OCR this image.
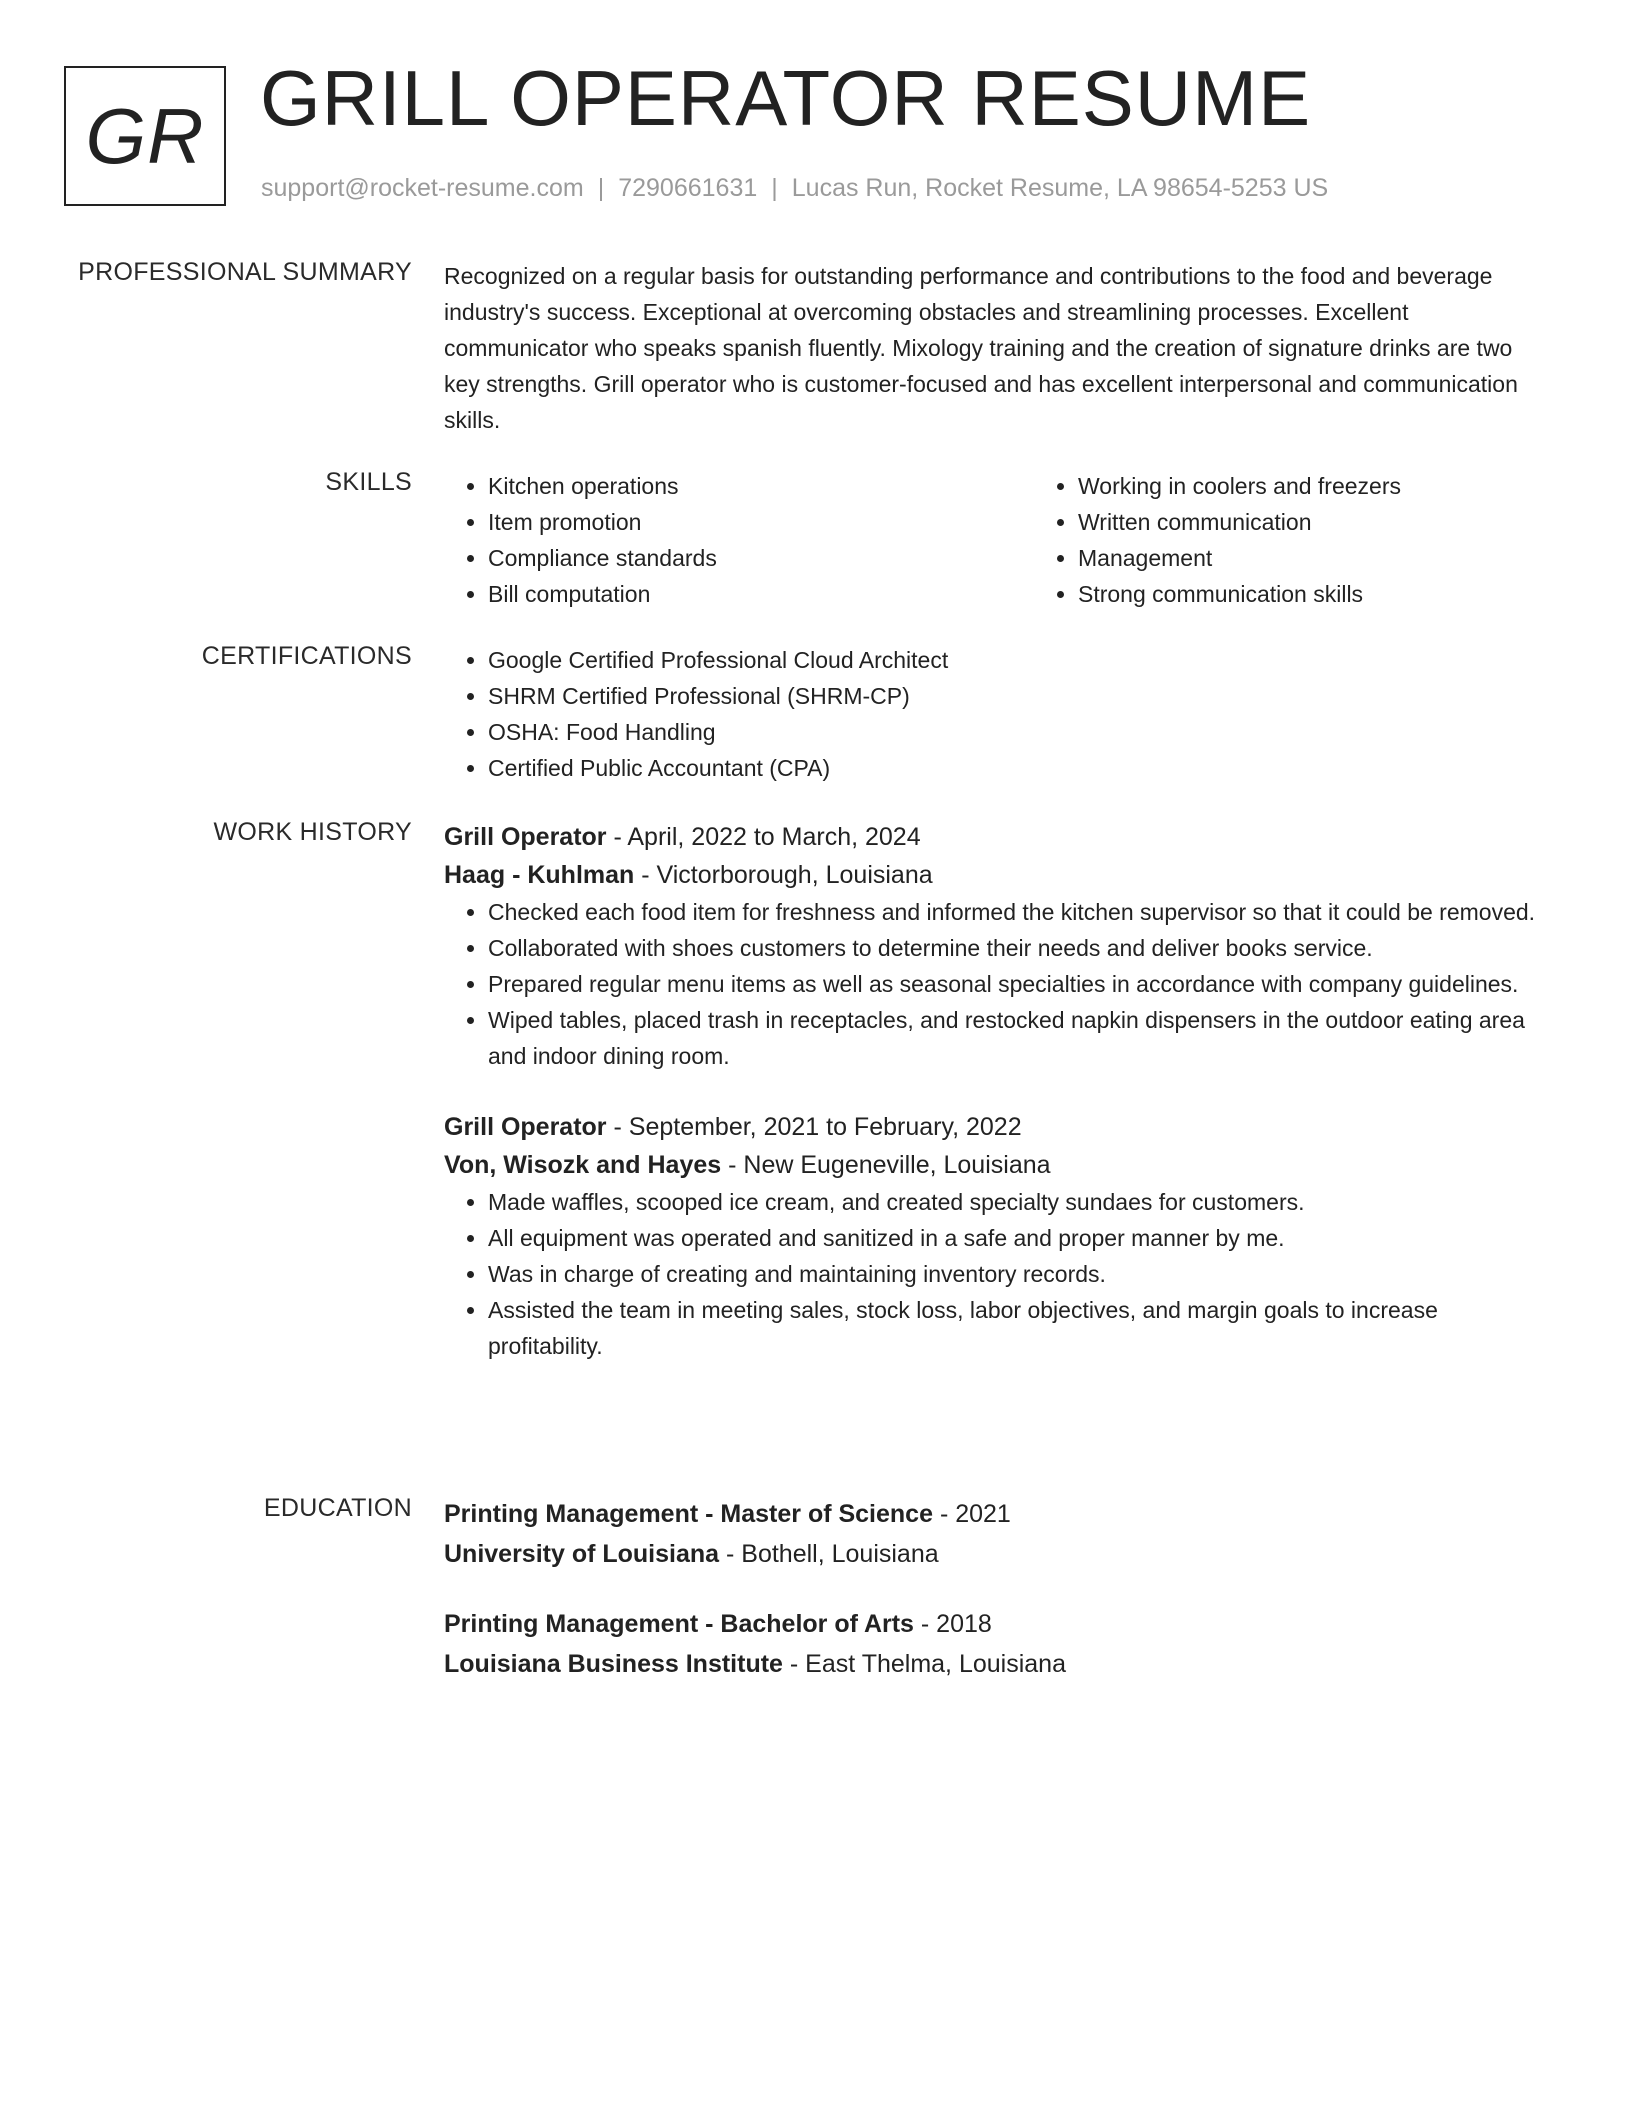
GR GRILL OPERATOR RESUME
support@rocket-resume.com | 7290661631 | Lucas Run, Rocket Resume, LA 98654-5253 US
PROFESSIONAL SUMMARY Recognized on a regular basis for outstanding performance and contributions to the food and beverage industry's success. Exceptional at overcoming obstacles and streamlining processes. Excellent communicator who speaks spanish fluently. Mixology training and the creation of signature drinks are two key strengths. Grill operator who is customer-focused and has excellent interpersonal and communication skills.

SKILLS	• Kitchen operations
• Item promotion
• Compliance standards
• Bill computation
• Working in coolers and freezers
• Written communication
• Management
• Strong communication skills
CERTIFICATIONS	• Google Certified Professional Cloud Architect
• SHRM Certified Professional (SHRM-CP)
• OSHA: Food Handling
• Certified Public Accountant (CPA)
WORK HISTORY Grill Operator - April, 2022 to March, 2024
Haag - Kuhlman - Victorborough, Louisiana
• Checked each food item for freshness and informed the kitchen supervisor so that it could be removed.
• Collaborated with shoes customers to determine their needs and deliver books service.
• Prepared regular menu items as well as seasonal specialties in accordance with company guidelines.
• Wiped tables, placed trash in receptacles, and restocked napkin dispensers in the outdoor eating area and indoor dining room.
Grill Operator - September, 2021 to February, 2022
Von, Wisozk and Hayes - New Eugeneville, Louisiana
• Made waffles, scooped ice cream, and created specialty sundaes for customers.
• All equipment was operated and sanitized in a safe and proper manner by me.
• Was in charge of creating and maintaining inventory records.
• Assisted the team in meeting sales, stock loss, labor objectives, and margin goals to increase profitability.
EDUCATION Printing Management - Master of Science - 2021
University of Louisiana - Bothell, Louisiana
Printing Management - Bachelor of Arts - 2018
Louisiana Business Institute - East Thelma, Louisiana
